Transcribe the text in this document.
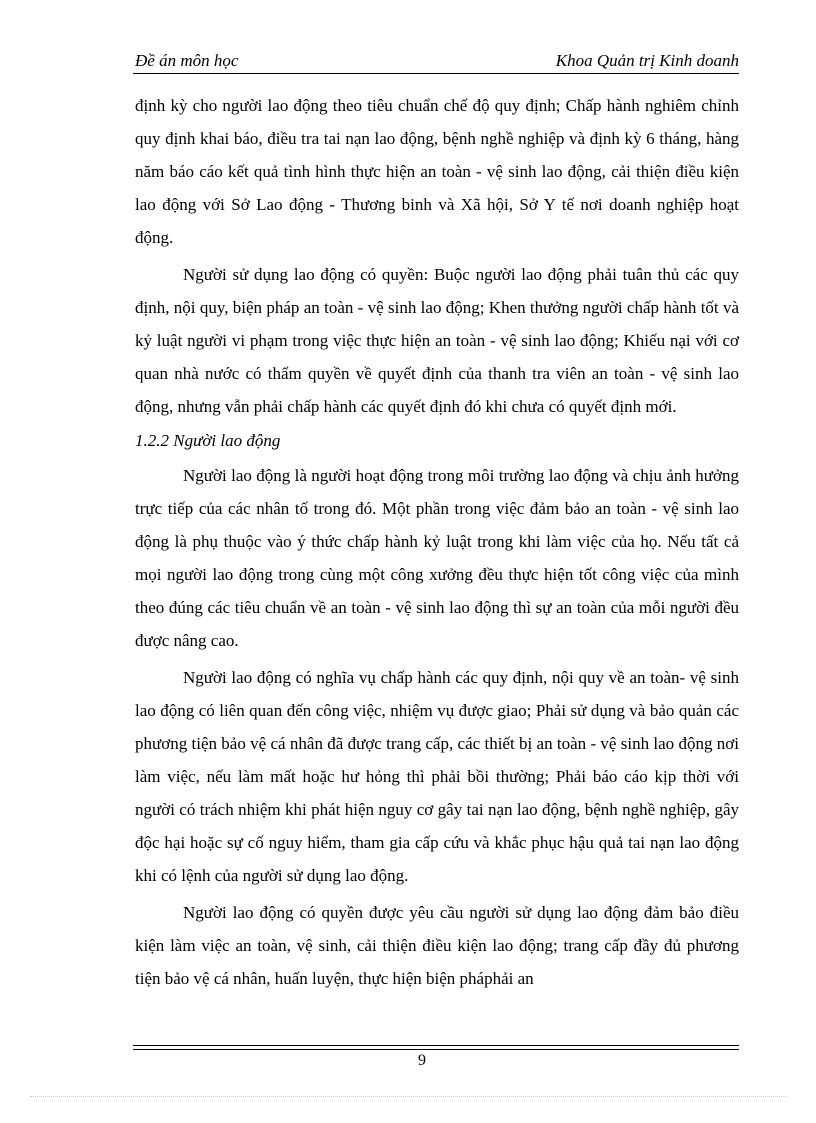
Đề án môn học	Khoa Quản trị Kinh doanh

định kỳ cho người lao động theo tiêu chuẩn chế độ quy định; Chấp hành nghiêm chỉnh quy định khai báo, điều tra tai nạn lao động, bệnh nghề nghiệp và định kỳ 6 tháng, hàng năm báo cáo kết quả tình hình thực hiện an toàn - vệ sinh lao động, cải thiện điều kiện lao động với Sở Lao động - Thương binh và Xã hội, Sở Y tế nơi doanh nghiệp hoạt động.

Người sử dụng lao động có quyền: Buộc người lao động phải tuân thủ các quy định, nội quy, biện pháp an toàn - vệ sinh lao động; Khen thưởng người chấp hành tốt và kỷ luật người vi phạm trong việc thực hiện an toàn - vệ sinh lao động; Khiếu nại với cơ quan nhà nước có thẩm quyền về quyết định của thanh tra viên an toàn - vệ sinh lao động, nhưng vẫn phải chấp hành các quyết định đó khi chưa có quyết định mới.

1.2.2 Người lao động

Người lao động là người hoạt động trong môi trường lao động và chịu ảnh hưởng trực tiếp của các nhân tố trong đó. Một phần trong việc đảm bảo an toàn - vệ sinh lao động là phụ thuộc vào ý thức chấp hành kỷ luật trong khi làm việc của họ. Nếu tất cả mọi người lao động trong cùng một công xưởng đều thực hiện tốt công việc của mình theo đúng các tiêu chuẩn về an toàn - vệ sinh lao động thì sự an toàn của mỗi người đều được nâng cao.

Người lao động có nghĩa vụ chấp hành các quy định, nội quy về an toàn- vệ sinh lao động có liên quan đến công việc, nhiệm vụ được giao; Phải sử dụng và bảo quản các phương tiện bảo vệ cá nhân đã được trang cấp, các thiết bị an toàn - vệ sinh lao động nơi làm việc, nếu làm mất hoặc hư hỏng thì phải bồi thường; Phải báo cáo kịp thời với người có trách nhiệm khi phát hiện nguy cơ gây tai nạn lao động, bệnh nghề nghiệp, gây độc hại hoặc sự cố nguy hiểm, tham gia cấp cứu và khắc phục hậu quả tai nạn lao động khi có lệnh của người sử dụng lao động.

Người lao động có quyền được yêu cầu người sử dụng lao động đảm bảo điều kiện làm việc an toàn, vệ sinh, cải thiện điều kiện lao động; trang cấp đầy đủ phương tiện bảo vệ cá nhân, huấn luyện, thực hiện biện pháphải an

9
